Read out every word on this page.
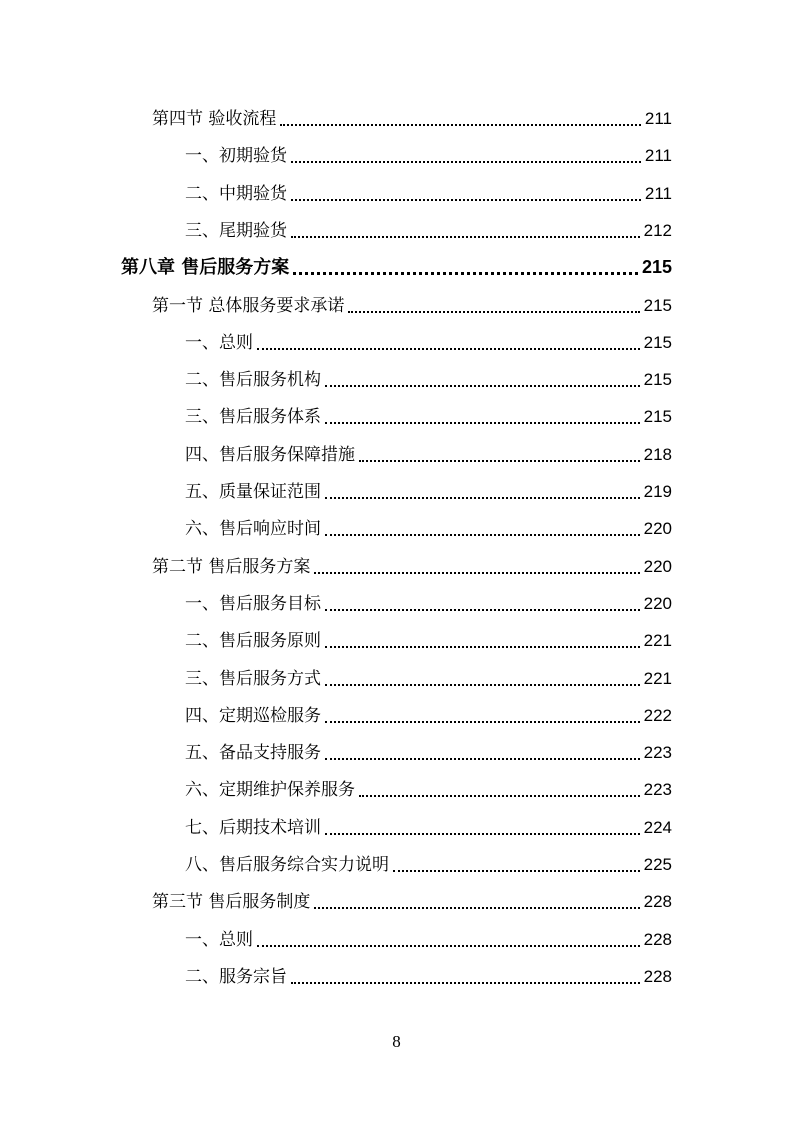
第四节 验收流程	211
一、初期验货	211
二、中期验货	211
三、尾期验货	212
第八章 售后服务方案	215
第一节 总体服务要求承诺	215
一、总则	215
二、售后服务机构	215
三、售后服务体系	215
四、售后服务保障措施	218
五、质量保证范围	219
六、售后响应时间	220
第二节 售后服务方案	220
一、售后服务目标	220
二、售后服务原则	221
三、售后服务方式	221
四、定期巡检服务	222
五、备品支持服务	223
六、定期维护保养服务	223
七、后期技术培训	224
八、售后服务综合实力说明	225
第三节 售后服务制度	228
一、总则	228
二、服务宗旨	228
8
